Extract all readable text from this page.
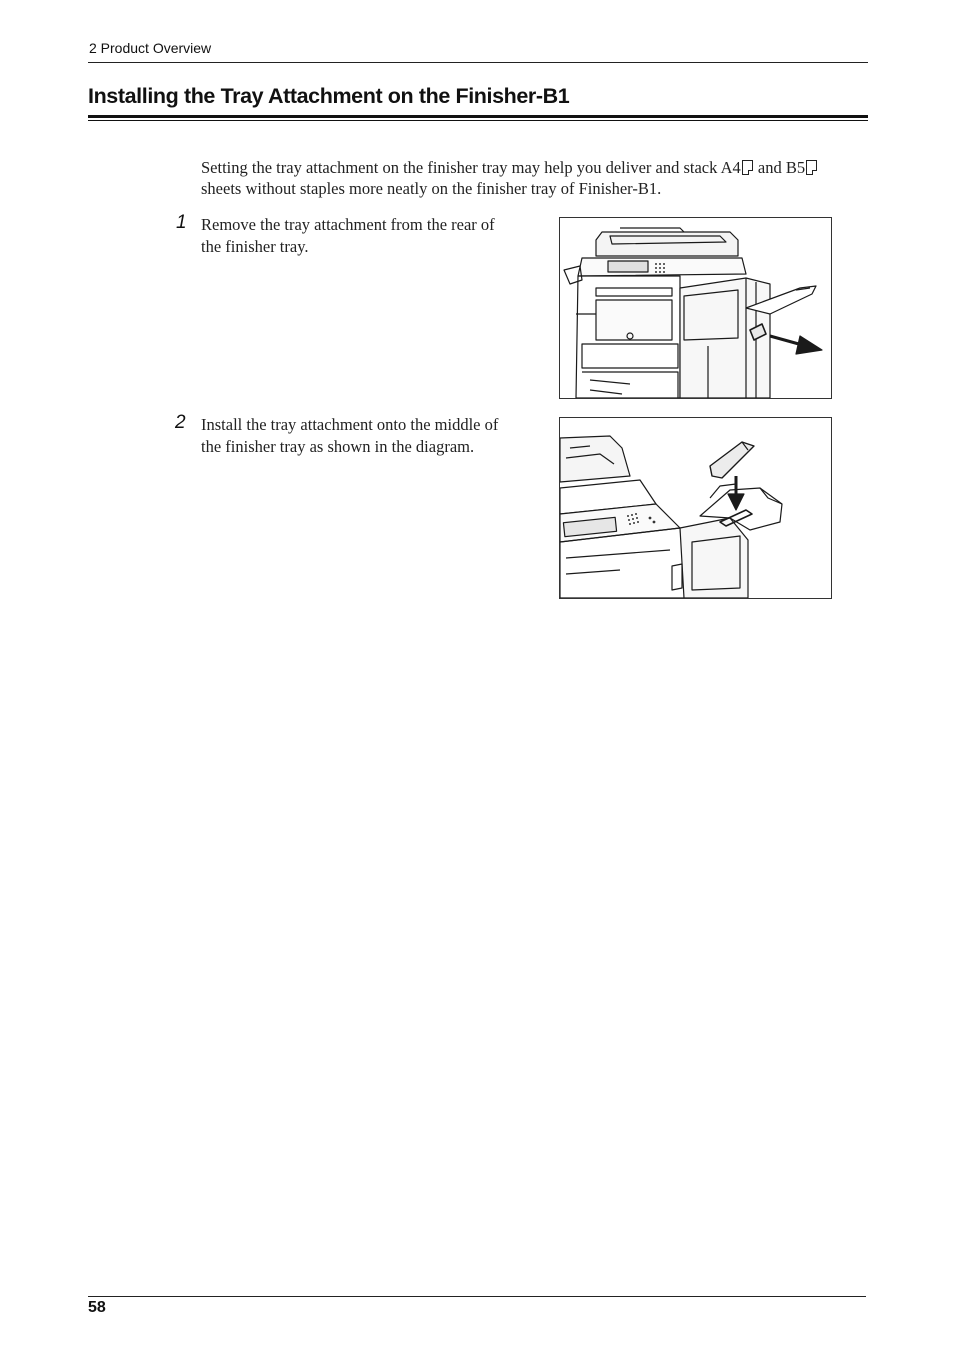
2 Product Overview
Installing the Tray Attachment on the Finisher-B1
Setting the tray attachment on the finisher tray may help you deliver and stack A4 and B5
sheets without staples more neatly on the finisher tray of Finisher-B1.
1 Remove the tray attachment from the rear of
the finisher tray.
2 Install the tray attachment onto the middle of
the finisher tray as shown in the diagram.
58
